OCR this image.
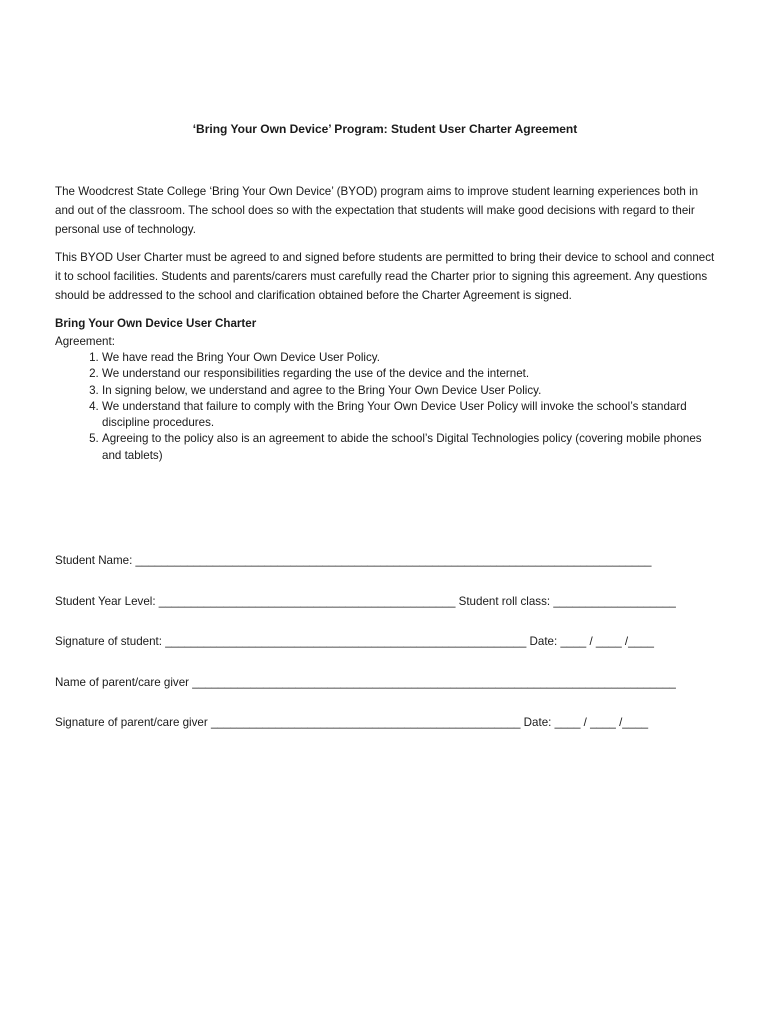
‘Bring Your Own Device’ Program: Student User Charter Agreement

The Woodcrest State College ‘Bring Your Own Device’ (BYOD) program aims to improve student learning experiences both in and out of the classroom. The school does so with the expectation that students will make good decisions with regard to their personal use of technology.

This BYOD User Charter must be agreed to and signed before students are permitted to bring their device to school and connect it to school facilities. Students and parents/carers must carefully read the Charter prior to signing this agreement. Any questions should be addressed to the school and clarification obtained before the Charter Agreement is signed.

Bring Your Own Device User Charter
Agreement:
1. We have read the Bring Your Own Device User Policy.
2. We understand our responsibilities regarding the use of the device and the internet.
3. In signing below, we understand and agree to the Bring Your Own Device User Policy.
4. We understand that failure to comply with the Bring Your Own Device User Policy will invoke the school’s standard discipline procedures.
5. Agreeing to the policy also is an agreement to abide the school’s Digital Technologies policy (covering mobile phones and tablets)
Student Name: ________________________________________________________________________________
Student Year Level: ______________________________________________ Student roll class: ___________________
Signature of student: ________________________________________________________ Date: ____ / ____ /____
Name of parent/care giver ___________________________________________________________________________
Signature of parent/care giver ________________________________________________ Date: ____ / ____ /____
